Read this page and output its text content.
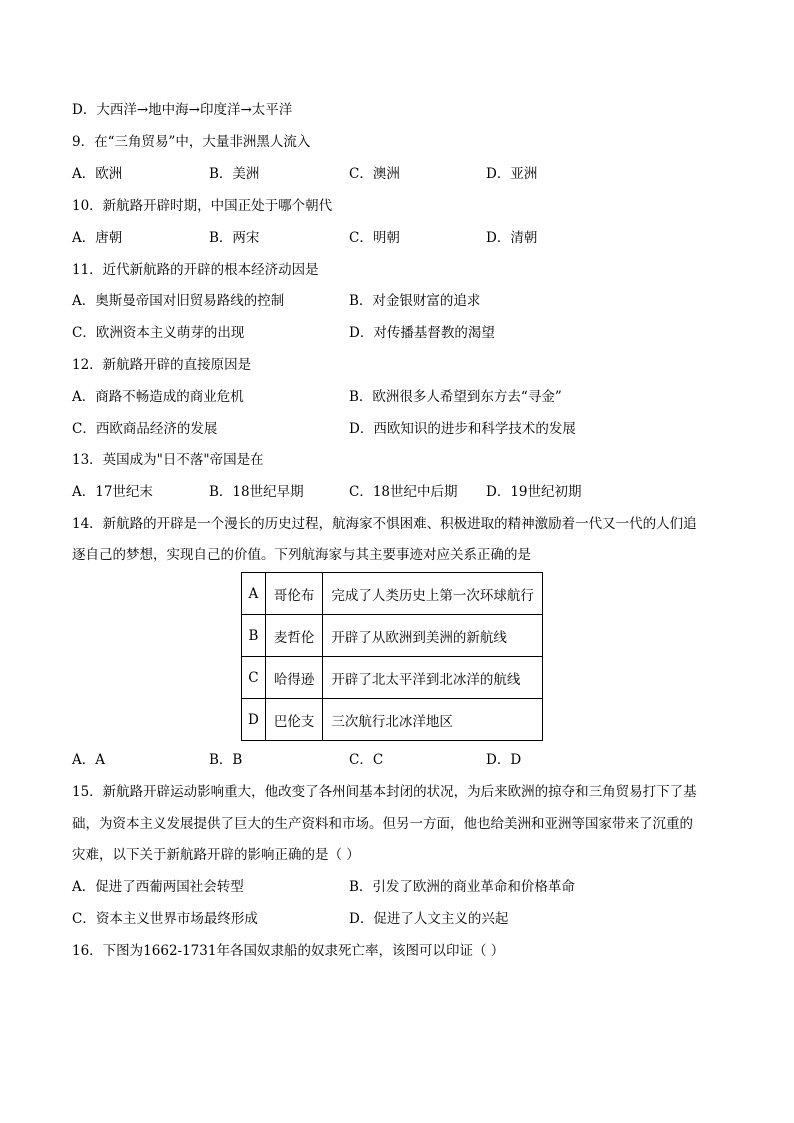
D．大西洋→地中海→印度洋→太平洋
9．在“三角贸易”中，大量非洲黑人流入
A．欧洲	B．美洲	C．澳洲	D．亚洲
10．新航路开辟时期，中国正处于哪个朝代
A．唐朝	B．两宋	C．明朝	D．清朝
11．近代新航路的开辟的根本经济动因是
A．奥斯曼帝国对旧贸易路线的控制	B．对金银财富的追求
C．欧洲资本主义萌芽的出现	D．对传播基督教的渴望
12．新航路开辟的直接原因是
A．商路不畅造成的商业危机	B．欧洲很多人希望到东方去“寻金”
C．西欧商品经济的发展	D．西欧知识的进步和科学技术的发展
13．英国成为"日不落"帝国是在
A．17世纪末	B．18世纪早期	C．18世纪中后期 D．19世纪初期
14．新航路的开辟是一个漫长的历史过程，航海家不惧困难、积极进取的精神激励着一代又一代的人们追
逐自己的梦想，实现自己的价值。下列航海家与其主要事迹对应关系正确的是
A	哥伦布	完成了人类历史上第一次环球航行
B	麦哲伦	开辟了从欧洲到美洲的新航线
C	哈得逊	开辟了北太平洋到北冰洋的航线
D	巴伦支	三次航行北冰洋地区
A．A	B．B	C．C	D．D
15．新航路开辟运动影响重大，他改变了各州间基本封闭的状况，为后来欧洲的掠夺和三角贸易打下了基
础，为资本主义发展提供了巨大的生产资料和市场。但另一方面，他也给美洲和亚洲等国家带来了沉重的
灾难，以下关于新航路开辟的影响正确的是（ ）
A．促进了西葡两国社会转型	B．引发了欧洲的商业革命和价格革命
C．资本主义世界市场最终形成	D．促进了人文主义的兴起
16．下图为1662-1731年各国奴隶船的奴隶死亡率，该图可以印证（ ）
